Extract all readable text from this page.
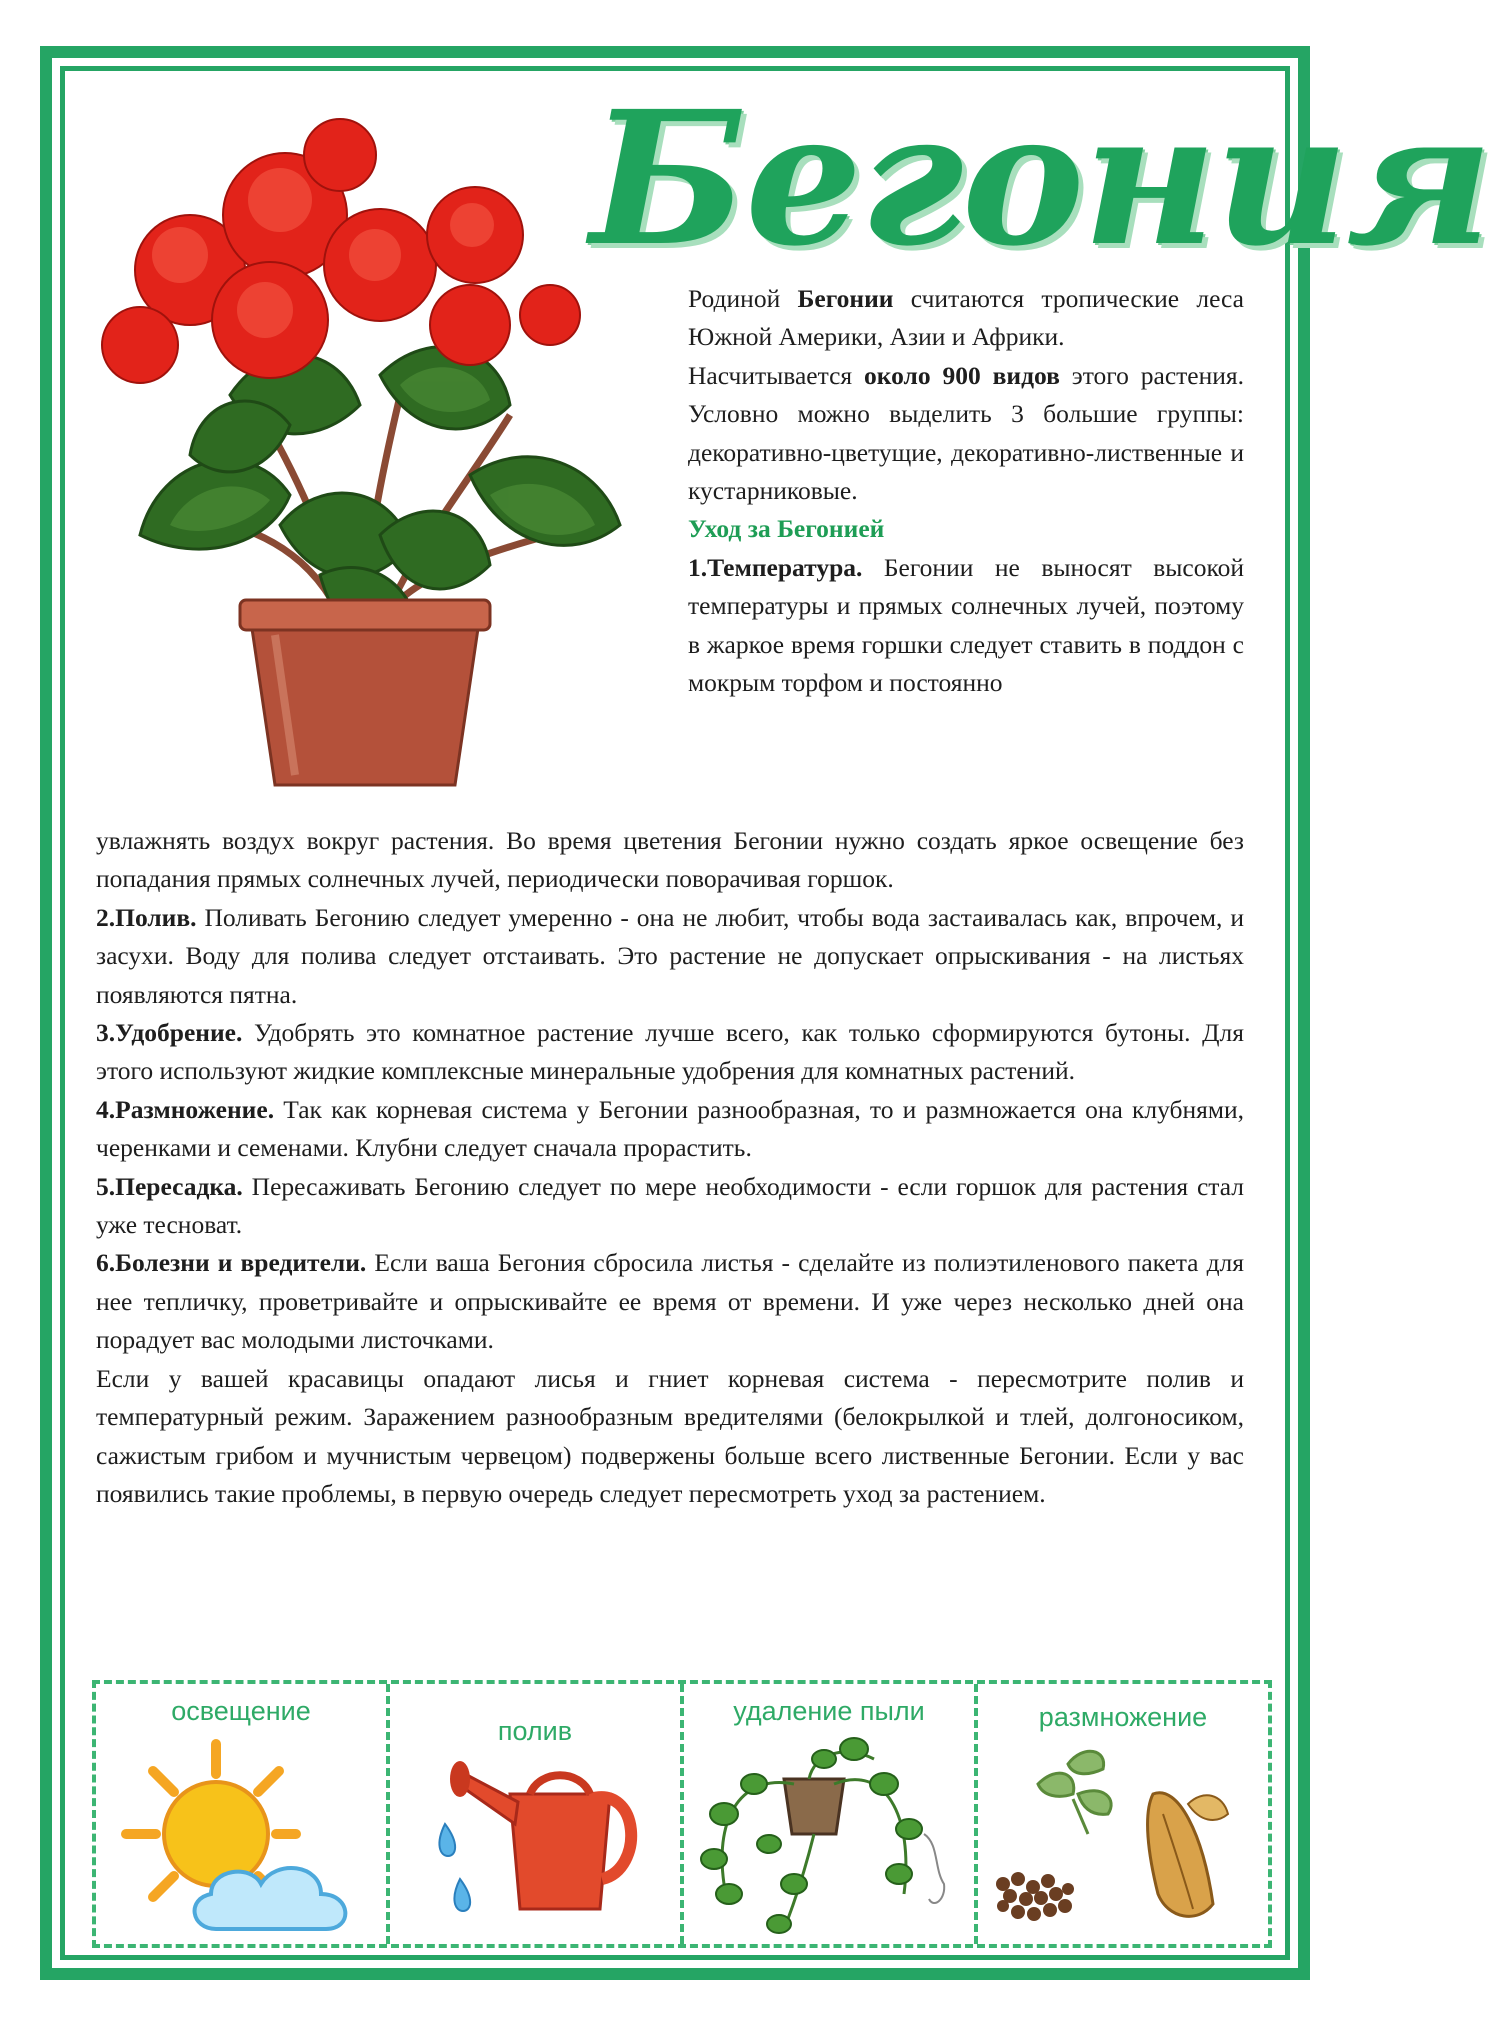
Бегония

Родиной Бегонии считаются тропические леса Южной Америки, Азии и Африки.

Насчитывается около 900 видов этого растения. Условно можно выделить 3 большие группы: декоративно-цветущие, декоративно-лиственные и кустарниковые.

Уход за Бегонией

1.Температура. Бегонии не выносят высокой температуры и прямых солнечных лучей, поэтому в жаркое время горшки следует ставить в поддон с мокрым торфом и постоянно

увлажнять воздух вокруг растения. Во время цветения Бегонии нужно создать яркое освещение без попадания прямых солнечных лучей, периодически поворачивая горшок.

2.Полив. Поливать Бегонию следует умеренно - она не любит, чтобы вода застаивалась как, впрочем, и засухи. Воду для полива следует отстаивать. Это растение не допускает опрыскивания - на листьях появляются пятна.

3.Удобрение. Удобрять это комнатное растение лучше всего, как только сформируются бутоны. Для этого используют жидкие комплексные минеральные удобрения для комнатных растений.

4.Размножение. Так как корневая система у Бегонии разнообразная, то и размножается она клубнями, черенками и семенами. Клубни следует сначала прорастить.

5.Пересадка. Пересаживать Бегонию следует по мере необходимости - если горшок для растения стал уже тесноват.

6.Болезни и вредители. Если ваша Бегония сбросила листья - сделайте из полиэтиленового пакета для нее тепличку, проветривайте и опрыскивайте ее время от времени. И уже через несколько дней она порадует вас молодыми листочками.

Если у вашей красавицы опадают лисья и гниет корневая система - пересмотрите полив и температурный режим. Заражением разнообразным вредителями (белокрылкой и тлей, долгоносиком, сажистым грибом и мучнистым червецом) подвержены больше всего лиственные Бегонии. Если у вас появились такие проблемы, в первую очередь следует пересмотреть уход за растением.

освещение
полив
удаление пыли	размножение
